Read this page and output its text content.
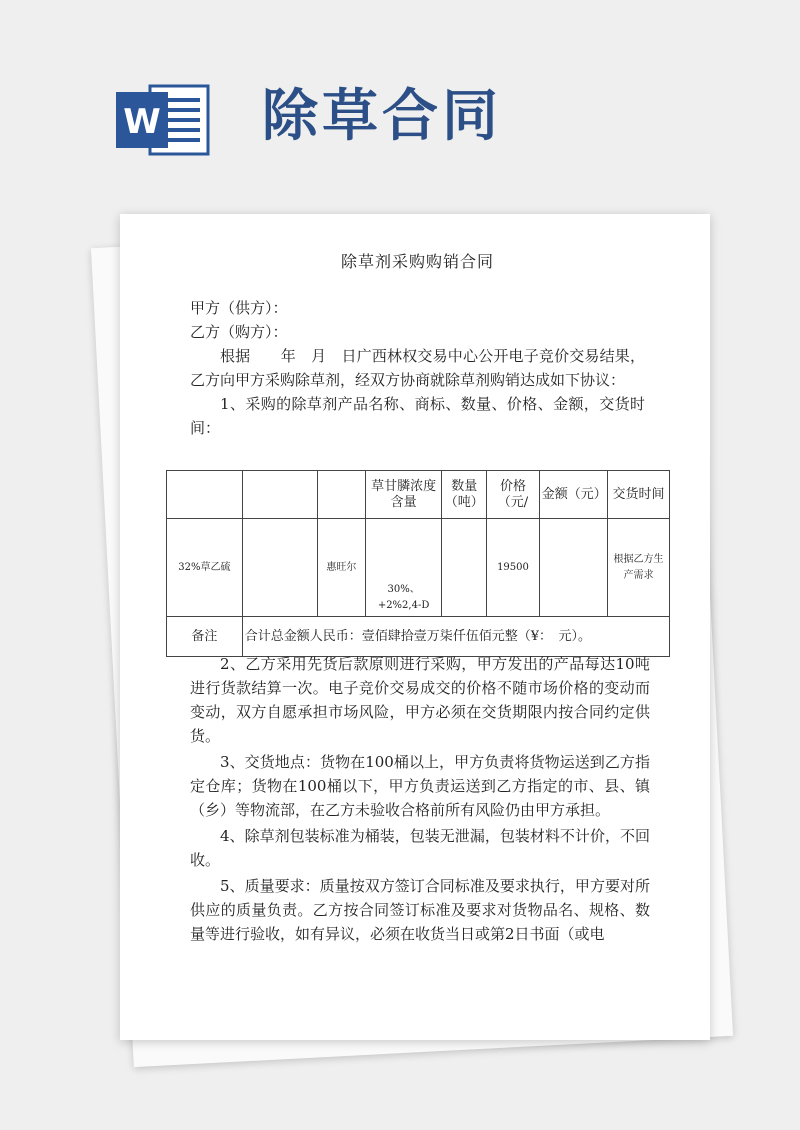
W 除草合同
除草剂采购购销合同
甲方（供方）：
乙方（购方）：
根据　　年　月　日广西林权交易中心公开电子竞价交易结果，乙方向甲方采购除草剂，经双方协商就除草剂购销达成如下协议：
1、采购的除草剂产品名称、商标、数量、价格、金额，交货时间：
			草甘膦浓度含量	数量（吨）	价格（元/	金额（元）	交货时间
32%草乙硫		惠旺尔	30%、+2%2,4-D		19500		根据乙方生产需求
备注	合计总金额人民币：壹佰肆拾壹万柒仟伍佰元整（¥：　元）。						

2、乙方采用先货后款原则进行采购，甲方发出的产品每达10吨进行货款结算一次。电子竞价交易成交的价格不随市场价格的变动而变动，双方自愿承担市场风险，甲方必须在交货期限内按合同约定供货。

3、交货地点：货物在100桶以上，甲方负责将货物运送到乙方指定仓库；货物在100桶以下，甲方负责运送到乙方指定的市、县、镇（乡）等物流部，在乙方未验收合格前所有风险仍由甲方承担。

4、除草剂包装标准为桶装，包装无泄漏，包装材料不计价，不回收。

5、质量要求：质量按双方签订合同标准及要求执行，甲方要对所供应的质量负责。乙方按合同签订标准及要求对货物品名、规格、数量等进行验收，如有异议，必须在收货当日或第2日书面（或电
